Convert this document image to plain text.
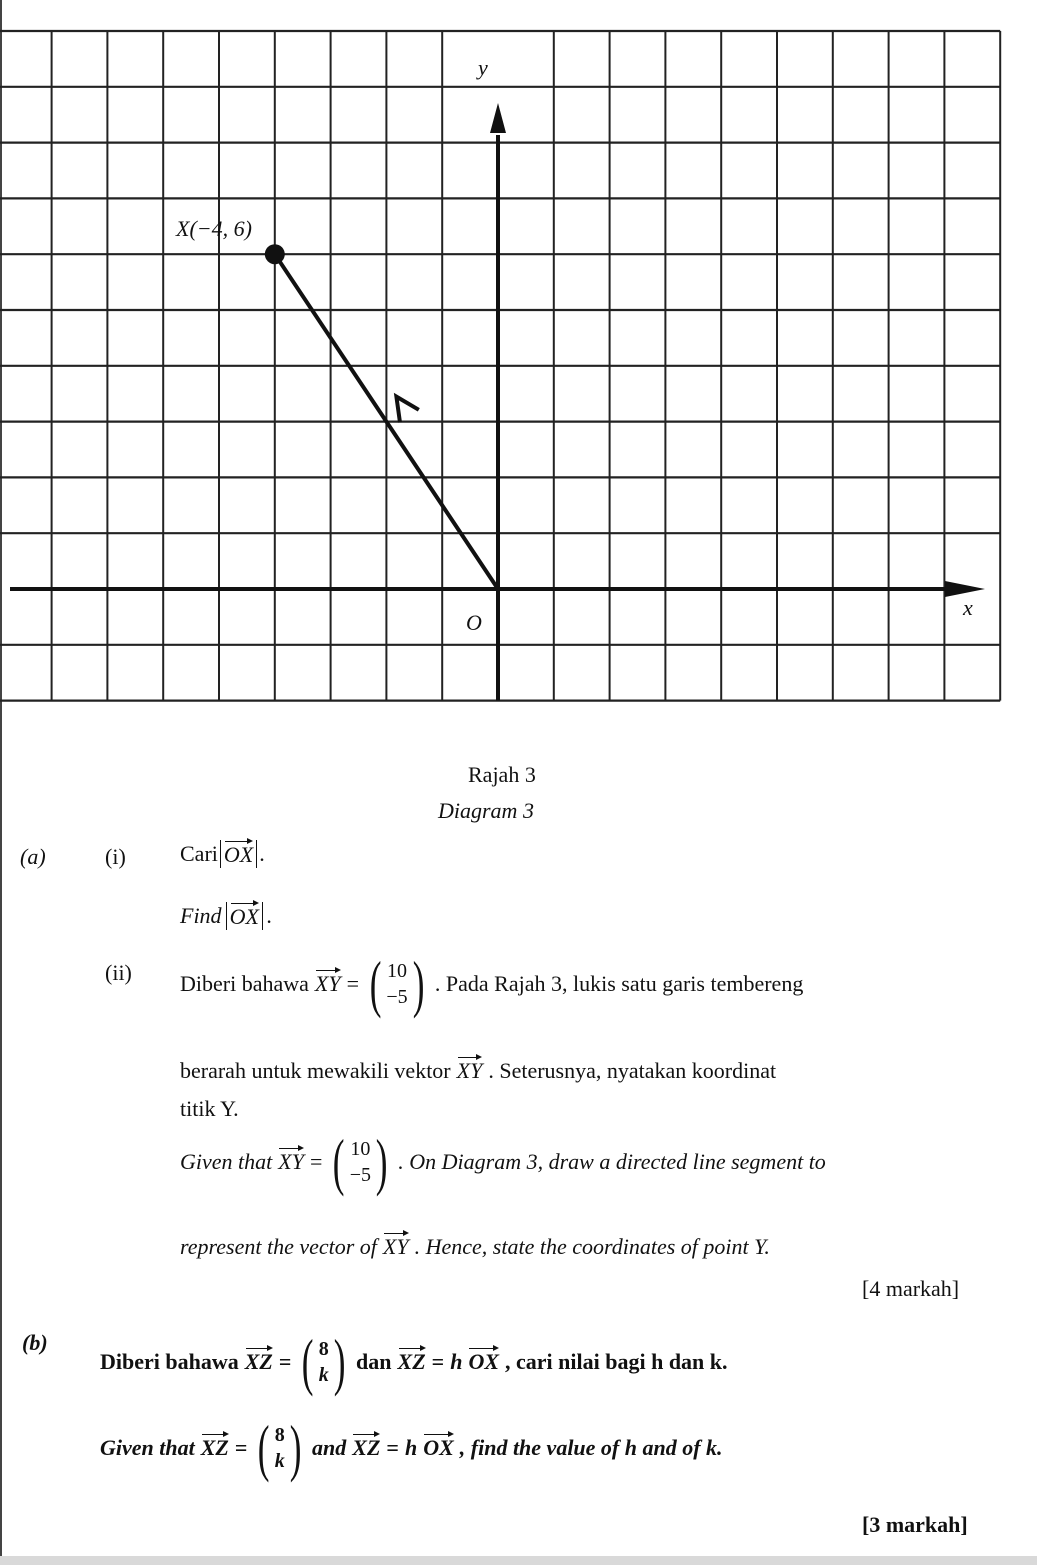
X(−4, 6)
y
x
O
Rajah 3
Diagram 3
(a)	(i) Cari OX .
Find OX .
(ii) Diberi bahawa XY = ( 10
−5 ) . Pada Rajah 3, lukis satu garis tembereng
berarah untuk mewakili vektor XY . Seterusnya, nyatakan koordinat
titik Y.
Given that XY = ( 10
−5 ) . On Diagram 3, draw a directed line segment to
represent the vector of XY . Hence, state the coordinates of point Y.
[4 markah]
(b)
Diberi bahawa XZ = ( 8
k ) dan XZ = h OX , cari nilai bagi h dan k.
Given that XZ = ( 8
k ) and XZ = h OX , find the value of h and of k.
[3 markah]
